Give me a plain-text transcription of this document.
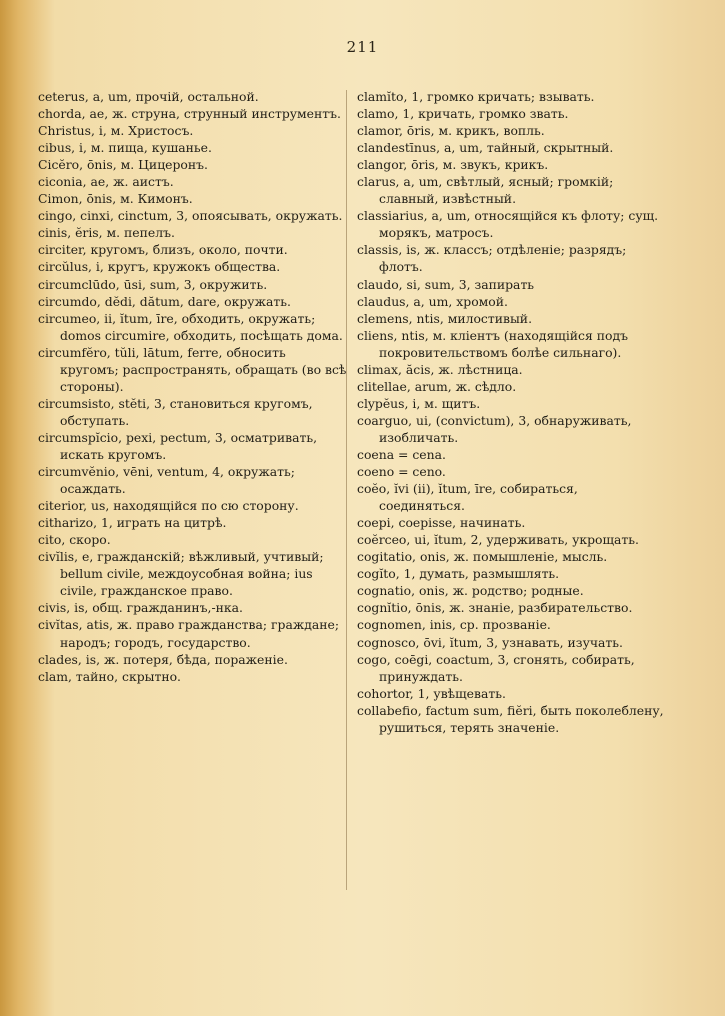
211

ceterus, a, um, прочій, остальной.

chorda, ae, ж. струна, струнный инструментъ.

Christus, i, м. Христосъ.

cibus, i, м. пища, кушанье.

Cicĕro, ōnis, м. Цицеронъ.

ciconia, ae, ж. аистъ.

Cimon, ōnis, м. Кимонъ.

cingo, cinxi, cinctum, 3, опоясывать, окружать.

cinis, ĕris, м. пепелъ.

circiter, кругомъ, близъ, около, почти.

circŭlus, i, кругъ, кружокъ общества.

circumclūdo, ūsi, sum, 3, окружить.

circumdo, dĕdi, dătum, dare, окружать.

circumeo, ii, ĭtum, īre, обходить, окружать; domos circumire, обходить, посѣщать дома.

circumfĕro, tŭli, lātum, ferre, обносить кругомъ; распространять, обращать (во всѣ стороны).

circumsisto, stĕti, 3, становиться кругомъ, обступать.

circumspĭcio, pexi, pectum, 3, осматривать, искать кругомъ.

circumvĕnio, vēni, ventum, 4, окружать; осаждать.

citerior, us, находящійся по сю сторону.

citharizo, 1, играть на цитрѣ.

cito, скоро.

civĭlis, e, гражданскій; вѣжливый, учтивый; bellum civile, междоусобная война; ius civile, гражданское право.

civis, is, общ. гражданинъ,-нка.

civĭtas, atis, ж. право гражданства; граждане; народъ; городъ, государство.

clades, is, ж. потеря, бѣда, пораженіе.

clam, тайно, скрытно.

clamĭto, 1, громко кричать; взывать.

clamo, 1, кричать, громко звать.

clamor, ōris, м. крикъ, вопль.

clandestīnus, a, um, тайный, скрытный.

clangor, ōris, м. звукъ, крикъ.

clarus, a, um, свѣтлый, ясный; громкій; славный, извѣстный.

classiarius, a, um, относящійся къ флоту; сущ. морякъ, матросъ.

classis, is, ж. классъ; отдѣленіе; разрядъ; флотъ.

claudo, si, sum, 3, запирать

claudus, a, um, хромой.

clemens, ntis, милостивый.

cliens, ntis, м. кліентъ (находящійся подъ покровительствомъ болѣе сильнаго).

climax, ăcis, ж. лѣстница.

clitellae, arum, ж. сѣдло.

clypĕus, i, м. щитъ.

coarguo, ui, (convictum), 3, обнаруживать, изобличать.

coena = cena.

coeno = ceno.

coĕo, ĭvi (ii), ĭtum, īre, собираться, соединяться.

coepi, coepisse, начинать.

coĕrceo, ui, ĭtum, 2, удерживать, укрощать.

cogitatio, onis, ж. помышленіе, мысль.

cogĭto, 1, думать, размышлять.

cognatio, onis, ж. родство; родные.

cognĭtio, ōnis, ж. знаніе, разбирательство.

cognomen, inis, ср. прозваніе.

cognosco, ōvi, ĭtum, 3, узнавать, изучать.

cogo, coēgi, coactum, 3, сгонять, собирать, принуждать.

cohortor, 1, увѣщевать.

collabefio, factum sum, fiĕri, быть поколеблену, рушиться, терять значеніе.
